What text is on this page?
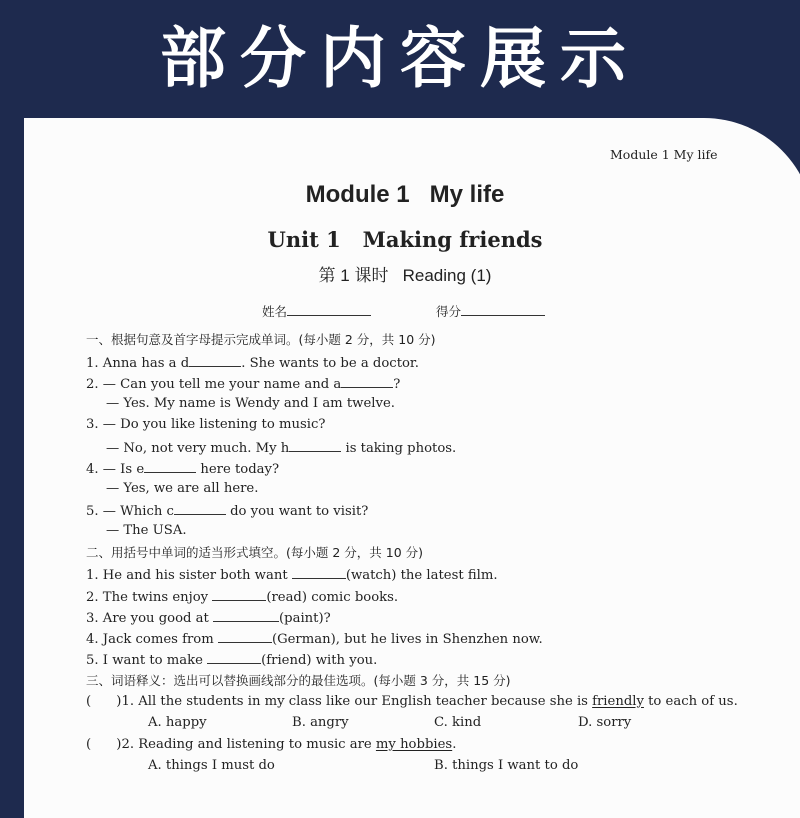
部分内容展示
Module 1 My life
Module 1   My life
Unit 1   Making friends
第 1 课时   Reading (1)
姓名	得分
一、根据句意及首字母提示完成单词。(每小题 2 分，共 10 分)
1. Anna has a d	. She wants to be a doctor.
2. — Can you tell me your name and a	?
— Yes. My name is Wendy and I am twelve.
3. — Do you like listening to music?
— No, not very much. My h	is taking photos.
4. — Is e	here today?
— Yes, we are all here.
5. — Which c	do you want to visit?
— The USA.
二、用括号中单词的适当形式填空。(每小题 2 分，共 10 分)
1. He and his sister both want	(watch) the latest film.
2. The twins enjoy	(read) comic books.
3. Are you good at	(paint)?
4. Jack comes from	(German), but he lives in Shenzhen now.
5. I want to make	(friend) with you.
三、词语释义：选出可以替换画线部分的最佳选项。(每小题 3 分，共 15 分)
(      )1. All the students in my class like our English teacher because she is friendly to each of us.
A. happy	B. angry	C. kind	D. sorry
(      )2. Reading and listening to music are my hobbies.
A. things I must do	B. things I want to do
